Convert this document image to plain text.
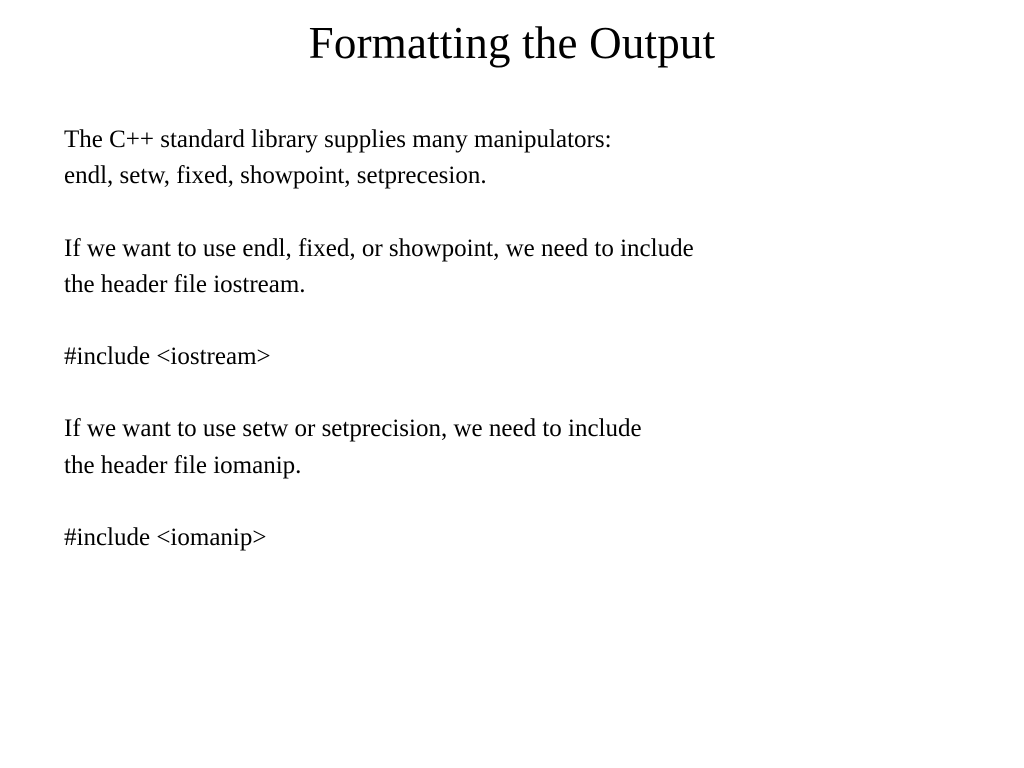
Formatting the Output
The C++ standard library supplies many manipulators:
endl, setw, fixed, showpoint, setprecesion.
If we want to use endl, fixed, or showpoint, we need to include
the header file iostream.
#include <iostream>
If we want to use setw or setprecision, we need to include
the header file iomanip.
#include <iomanip>
